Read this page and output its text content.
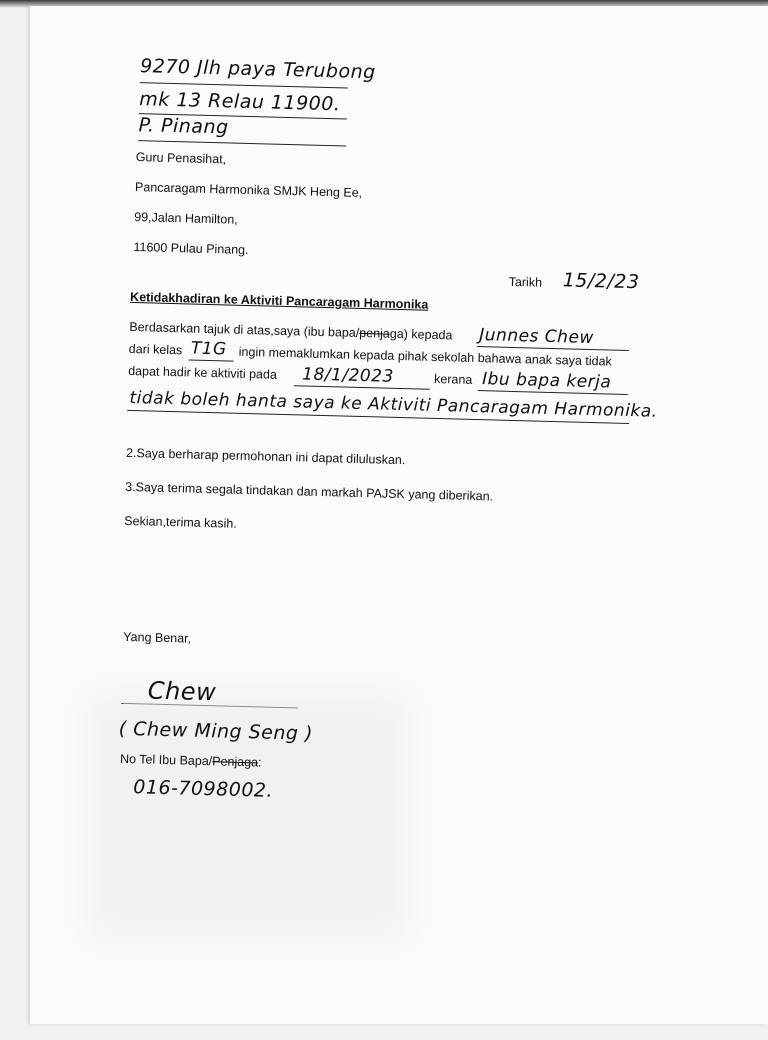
9270 Jlh paya Terubong
mk 13 Relau 11900.
P. Pinang
Guru Penasihat,
Pancaragam Harmonika SMJK Heng Ee,
99,Jalan Hamilton,
11600 Pulau Pinang.
Tarikh 15/2/23
Ketidakhadiran ke Aktiviti Pancaragam Harmonika
Berdasarkan tajuk di atas,saya (ibu bapa/penjaga) kepada Junnes Chew
dari kelas T1G ingin memaklumkan kepada pihak sekolah bahawa anak saya tidak
dapat hadir ke aktiviti pada 18/1/2023	kerana Ibu bapa kerja
tidak boleh hanta saya ke Aktiviti Pancaragam Harmonika.
2.Saya berharap permohonan ini dapat diluluskan.
3.Saya terima segala tindakan dan markah PAJSK yang diberikan.
Sekian,terima kasih.
Yang Benar,
Chew
( Chew Ming Seng )
No Tel Ibu Bapa/Penjaga:
016-7098002.
